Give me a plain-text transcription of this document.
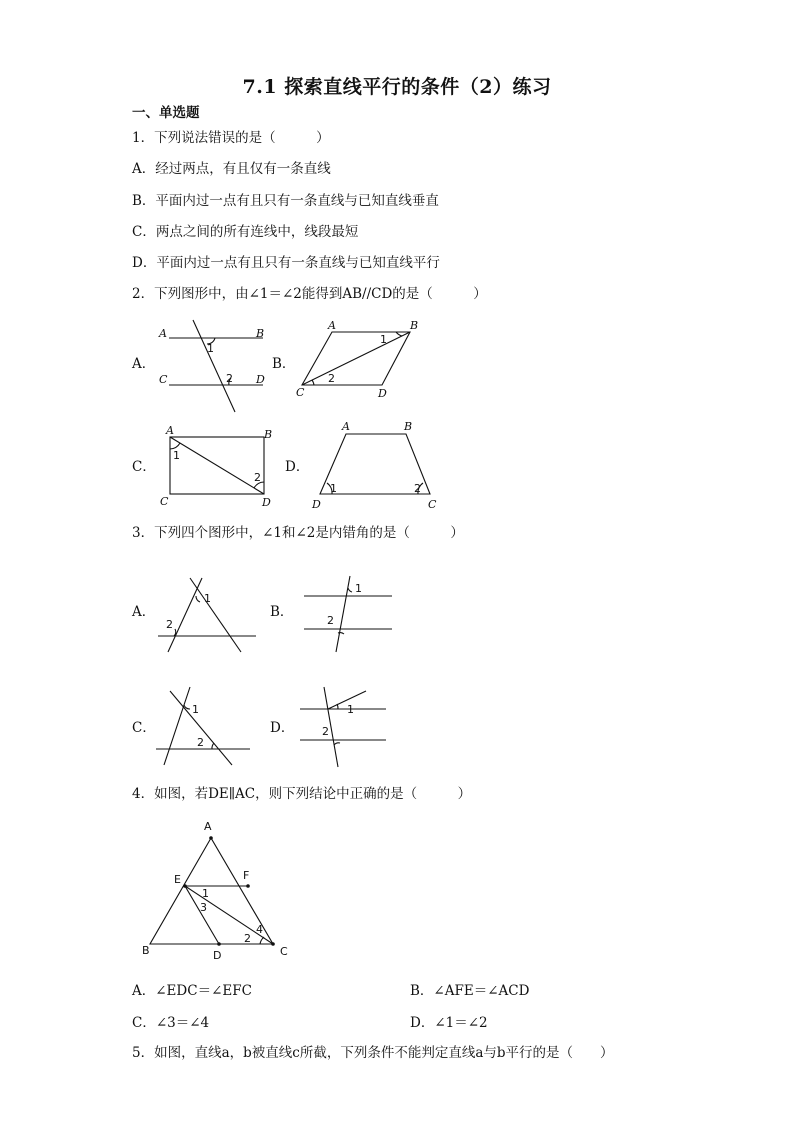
7.1 探索直线平行的条件（2）练习
一、单选题
1．下列说法错误的是（　　　）
A．经过两点，有且仅有一条直线
B．平面内过一点有且只有一条直线与已知直线垂直
C．两点之间的所有连线中，线段最短
D．平面内过一点有且只有一条直线与已知直线平行
2．下列图形中，由∠1＝∠2能得到AB//CD的是（　　　）
A．
A	B
C	D
1
2
B．
A	B
C	D
1
2
C．
A	B
C	D
1
2
D．
A	B
D	C
1	2
3．下列四个图形中，∠1和∠2是内错角的是（　　　）
A．
1
2
B．
1
2
C．
1
2
D．
1
2
4．如图，若DE∥AC，则下列结论中正确的是（　　　）
A
E	F
B	D	C
1
3
2
4
A．∠EDC＝∠EFC	B．∠AFE＝∠ACD
C．∠3＝∠4	D．∠1＝∠2
5．如图，直线a，b被直线c所截，下列条件不能判定直线a与b平行的是（　　）
